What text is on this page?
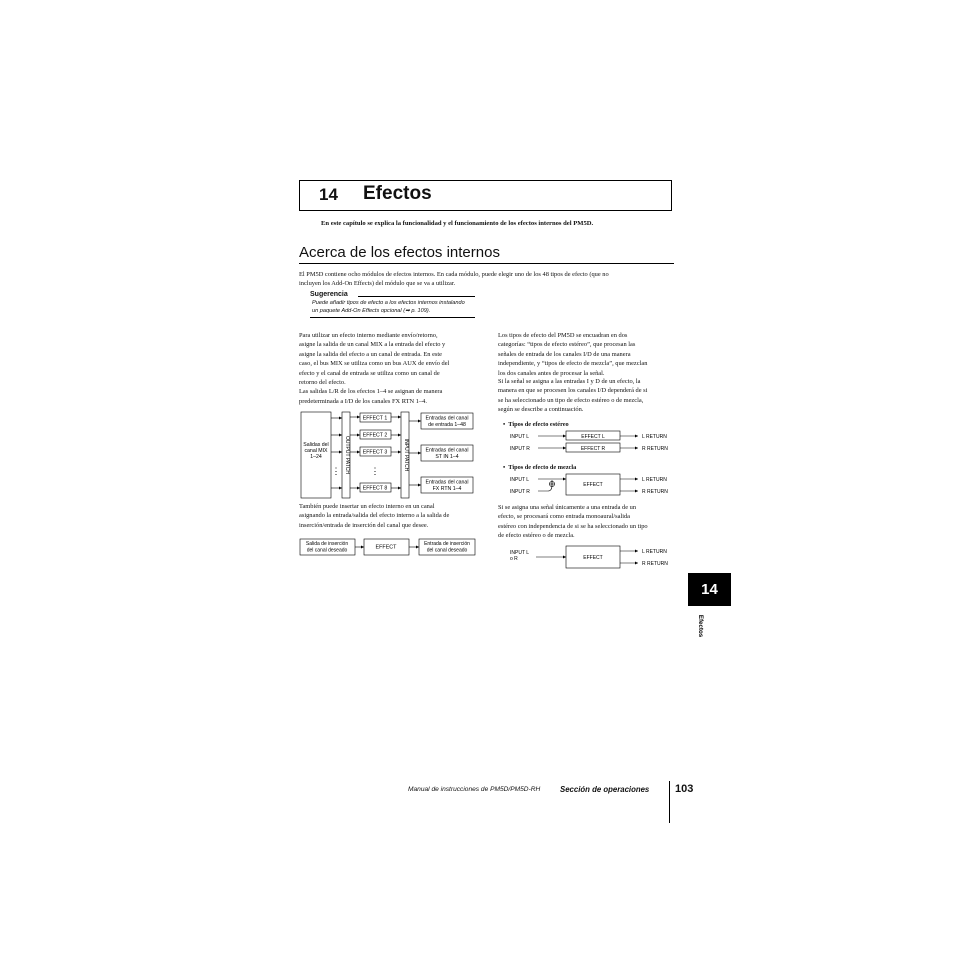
14 Efectos
En este capítulo se explica la funcionalidad y el funcionamiento de los efectos internos del PM5D.
Acerca de los efectos internos
El PM5D contiene ocho módulos de efectos internos. En cada módulo, puede elegir uno de los 48 tipos de efecto (que no
incluyen los Add-On Effects) del módulo que se va a utilizar.
Sugerencia
Puede añadir tipos de efecto a los efectos internos instalando
un paquete Add-On Effects opcional (➡ p. 109).
Para utilizar un efecto interno mediante envío/retorno,
asigne la salida de un canal MIX a la entrada del efecto y
asigne la salida del efecto a un canal de entrada. En este
caso, el bus MIX se utiliza como un bus AUX de envío del
efecto y el canal de entrada se utiliza como un canal de
retorno del efecto.
Las salidas L/R de los efectos 1–4 se asignan de manera
predeterminada a I/D de los canales FX RTN 1–4.
Salidas del
canal MIX
1–24
EFFECT 1
EFFECT 2
EFFECT 3
EFFECT 8
Entradas del canal
de entrada 1–48
Entradas del canal
ST IN 1–4
Entradas del canal
FX RTN 1–4
OUTPUT PATCH	INPUT PATCH
⋮	⋮
También puede insertar un efecto interno en un canal
asignando la entrada/salida del efecto interno a la salida de
inserción/entrada de inserción del canal que desee.
Salida de inserción
del canal deseado	EFFECT
Entrada de inserción
del canal deseado
Los tipos de efecto del PM5D se encuadran en dos
categorías: “tipos de efecto estéreo”, que procesan las
señales de entrada de los canales I/D de una manera
independiente, y “tipos de efecto de mezcla”, que mezclan
los dos canales antes de procesar la señal.
Si la señal se asigna a las entradas I y D de un efecto, la
manera en que se procesen los canales I/D dependerá de si
se ha seleccionado un tipo de efecto estéreo o de mezcla,
según se describe a continuación.
•  Tipos de efecto estéreo
INPUT L
INPUT R
EFFECT L
EFFECT R
L RETURN
R RETURN
•  Tipos de efecto de mezcla
INPUT L
INPUT R
EFFECT
L RETURN
R RETURN
Si se asigna una señal únicamente a una entrada de un
efecto, se procesará como entrada monoaural/salida
estéreo con independencia de si se ha seleccionado un tipo
de efecto estéreo o de mezcla.
INPUT L
o R	EFFECT
L RETURN
R RETURN
14
Efectos
Manual de instrucciones de PM5D/PM5D-RH	Sección de operaciones 103
